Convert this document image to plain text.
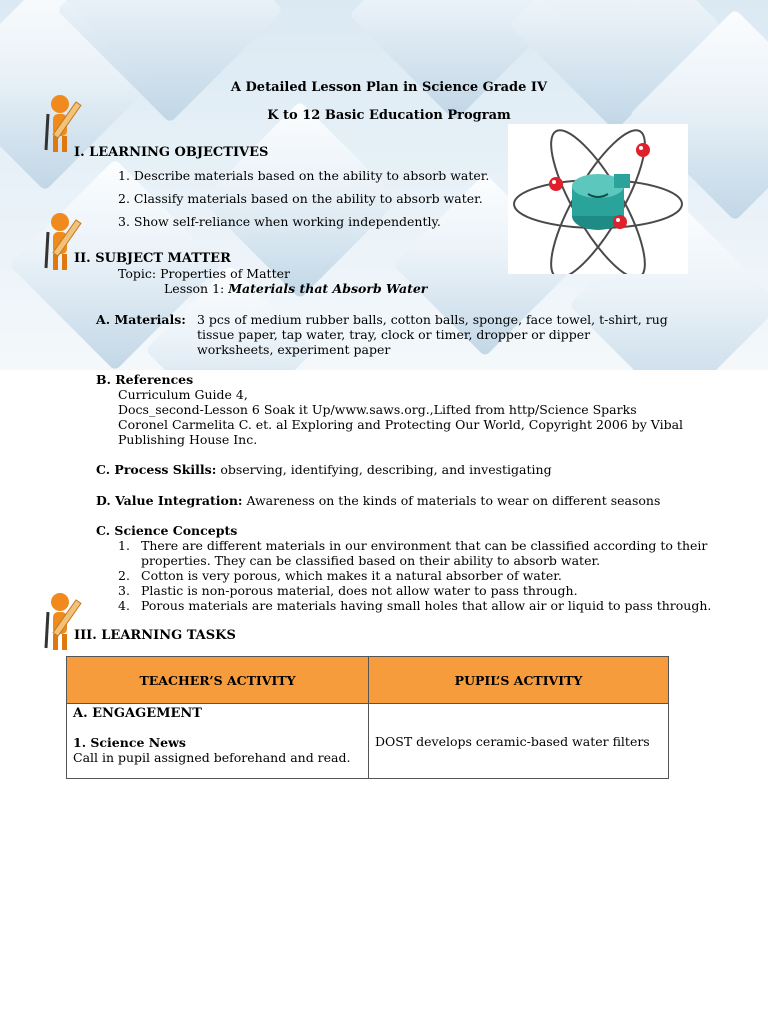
A Detailed Lesson Plan in Science Grade IV
K to 12 Basic Education Program
I. LEARNING OBJECTIVES
1. Describe materials based on the ability to absorb water.
2. Classify materials based on the ability to absorb water.
3. Show self-reliance when working independently.
II. SUBJECT MATTER
Topic: Properties of Matter
Lesson 1: Materials that Absorb Water
A. Materials: 3 pcs of medium rubber balls, cotton balls, sponge, face towel, t-shirt, rug
tissue paper, tap water, tray, clock or timer, dropper or dipper
worksheets, experiment paper
B. References
Curriculum Guide 4,
Docs_second-Lesson 6 Soak it Up/www.saws.org.,Lifted from http/Science Sparks
Coronel Carmelita C. et. al Exploring and Protecting Our World, Copyright 2006 by Vibal
Publishing House Inc.
C. Process Skills: observing, identifying, describing, and investigating
D. Value Integration: Awareness on the kinds of materials to wear on different seasons
C. Science Concepts
1. There are different materials in our environment that can be classified according to their
properties. They can be classified based on their ability to absorb water.
2. Cotton is very porous, which makes it a natural absorber of water.
3. Plastic is non-porous material, does not allow water to pass through.
4. Porous materials are materials having small holes that allow air or liquid to pass through.
III. LEARNING TASKS
TEACHER’S ACTIVITY	PUPIL’S ACTIVITY

A. ENGAGEMENT
1. Science News
Call in pupil assigned beforehand and read.	DOST develops ceramic-based water filters
